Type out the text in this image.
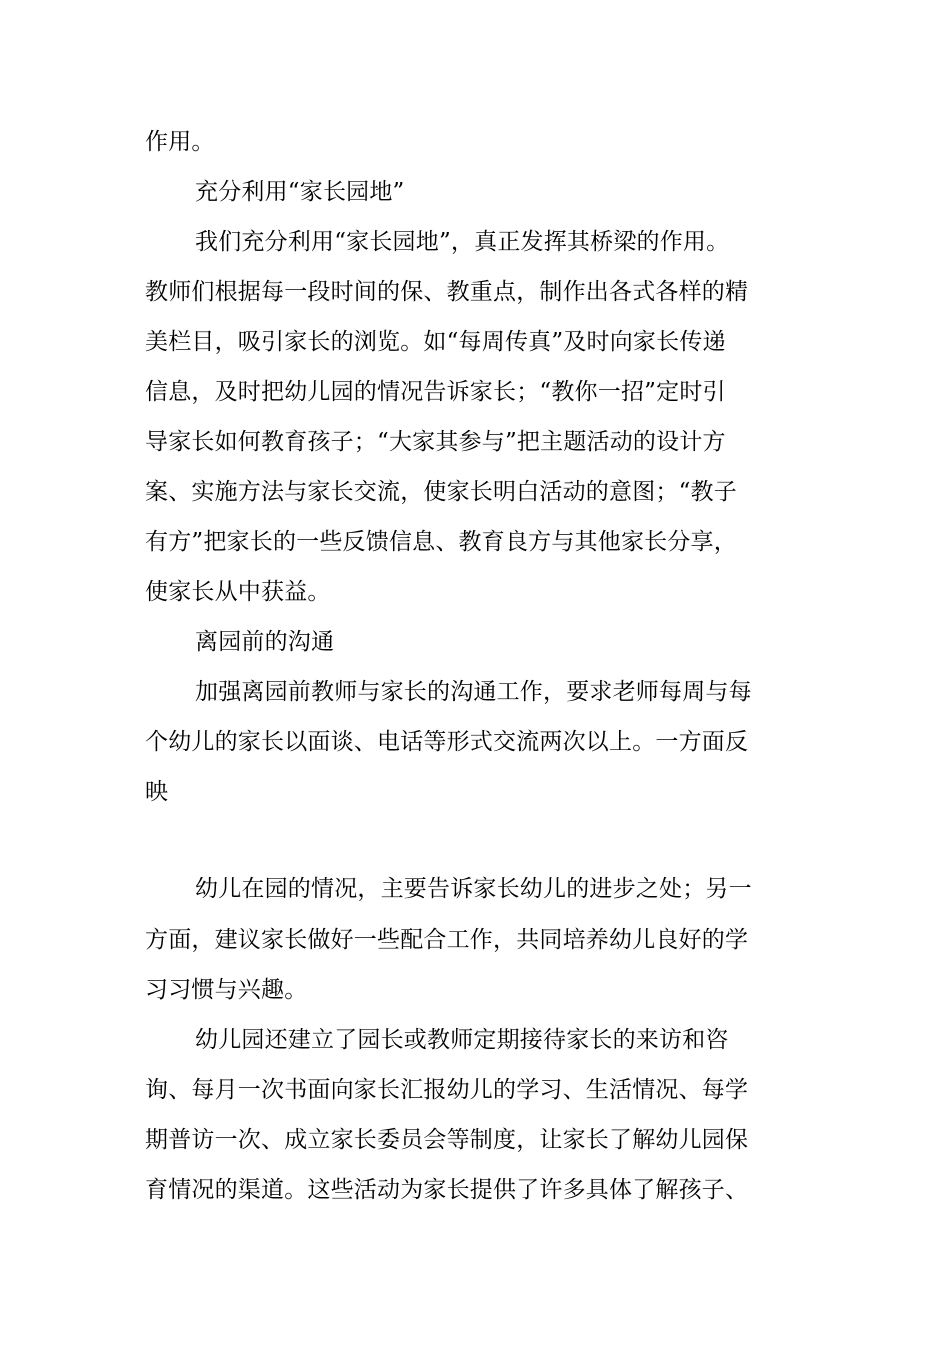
作用。
充分利用“家长园地”
我们充分利用“家长园地”，真正发挥其桥梁的作用。
教师们根据每一段时间的保、教重点，制作出各式各样的精
美栏目，吸引家长的浏览。如“每周传真”及时向家长传递
信息，及时把幼儿园的情况告诉家长；“教你一招”定时引
导家长如何教育孩子；“大家其参与”把主题活动的设计方
案、实施方法与家长交流，使家长明白活动的意图；“教子
有方”把家长的一些反馈信息、教育良方与其他家长分享，
使家长从中获益。
离园前的沟通
加强离园前教师与家长的沟通工作，要求老师每周与每
个幼儿的家长以面谈、电话等形式交流两次以上。一方面反
映
幼儿在园的情况，主要告诉家长幼儿的进步之处；另一
方面，建议家长做好一些配合工作，共同培养幼儿良好的学
习习惯与兴趣。
幼儿园还建立了园长或教师定期接待家长的来访和咨
询、每月一次书面向家长汇报幼儿的学习、生活情况、每学
期普访一次、成立家长委员会等制度，让家长了解幼儿园保
育情况的渠道。这些活动为家长提供了许多具体了解孩子、
